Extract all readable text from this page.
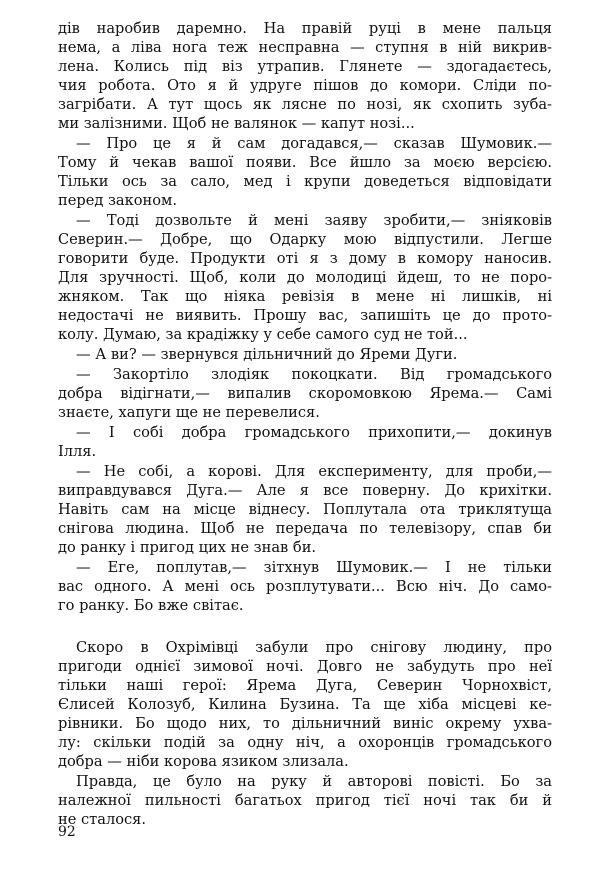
дів наробив даремно. На правій руці в мене пальця

нема, а ліва нога теж несправна — ступня в ній викрив-

лена. Колись під віз утрапив. Глянете — здогадаєтесь,

чия робота. Ото я й удруге пішов до комори. Сліди по-

загрібати. А тут щось як лясне по нозі, як схопить зуба-

ми залізними. Щоб не валянок — капут нозі...

— Про це я й сам догадався,— сказав Шумовик.—

Тому й чекав вашої появи. Все йшло за моєю версією.

Тільки ось за сало, мед і крупи доведеться відповідати

перед законом.

— Тоді дозвольте й мені заяву зробити,— зніяковів

Северин.— Добре, що Одарку мою відпустили. Легше

говорити буде. Продукти оті я з дому в комору наносив.

Для зручності. Щоб, коли до молодиці йдеш, то не поро-

жняком. Так що ніяка ревізія в мене ні лишків, ні

недостачі не виявить. Прошу вас, запишіть це до прото-

колу. Думаю, за крадіжку у себе самого суд не той...

— А ви? — звернувся дільничний до Яреми Дуги.

— Закортіло злодіяк покоцкати. Від громадського

добра відігнати,— випалив скоромовкою Ярема.— Самі

знаєте, хапуги ще не перевелися.

— І собі добра громадського прихопити,— докинув

Ілля.

— Не собі, а корові. Для експерименту, для проби,—

виправдувався Дуга.— Але я все поверну. До крихітки.

Навіть сам на місце віднесу. Поплутала ота триклятуща

снігова людина. Щоб не передача по телевізору, спав би

до ранку і пригод цих не знав би.

— Еге, поплутав,— зітхнув Шумовик.— І не тільки

вас одного. А мені ось розплутувати... Всю ніч. До само-

го ранку. Бо вже світає.

Скоро в Охрімівці забули про снігову людину, про

пригоди однієї зимової ночі. Довго не забудуть про неї

тільки наші герої: Ярема Дуга, Северин Чорнохвіст,

Єлисей Колозуб, Килина Бузина. Та ще хіба місцеві ке-

рівники. Бо щодо них, то дільничний виніс окрему ухва-

лу: скільки подій за одну ніч, а охоронців громадського

добра — ніби корова язиком злизала.

Правда, це було на руку й авторові повісті. Бо за

належної пильності багатьох пригод тієї ночі так би й

не сталося.

92
